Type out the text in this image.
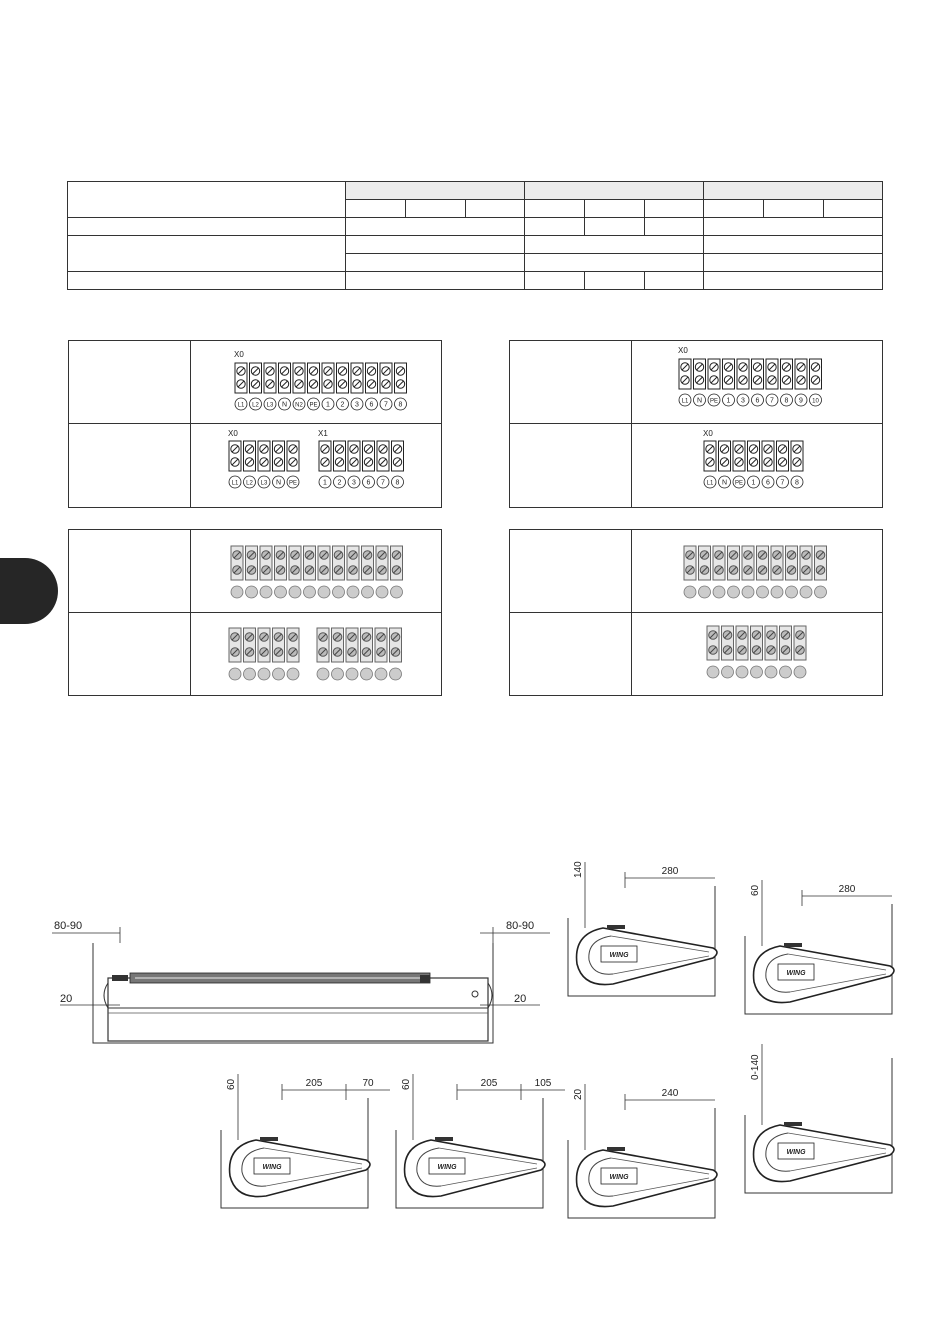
X0
L1 L2 L3 N N2 PE 1 2 3 6 7 8
X0
L1 L2 L3 N PE
X1
1 2 3 6 7 8
X0
L1 N PE 1 3 6 7 8 9 10
X0
L1 N PE 1 6 7 8
80-90	80-90
20	20
WING
140	280
WING
60	280
WING
60	205	70
WING
60	205	105
WING
20	240
WING
0-140
